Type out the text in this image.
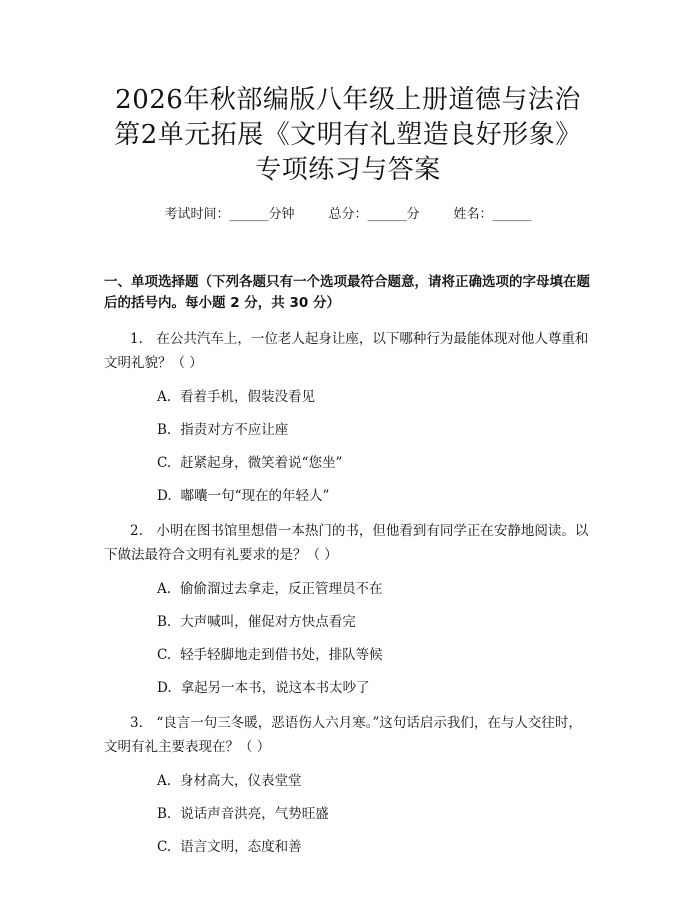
2026年秋部编版八年级上册道德与法治第2单元拓展《文明有礼塑造良好形象》专项练习与答案
考试时间：______分钟	总分：______分	姓名：______
一、单项选择题（下列各题只有一个选项最符合题意，请将正确选项的字母填在题后的括号内。每小题 2 分，共 30 分）

1.　在公共汽车上，一位老人起身让座，以下哪种行为最能体现对他人尊重和文明礼貌？（ ）

A. 看着手机，假装没看见
B. 指责对方不应让座
C. 赶紧起身，微笑着说“您坐”
D. 嘟囔一句“现在的年轻人”

2.　小明在图书馆里想借一本热门的书，但他看到有同学正在安静地阅读。以下做法最符合文明有礼要求的是？（ ）

A. 偷偷溜过去拿走，反正管理员不在
B. 大声喊叫，催促对方快点看完
C. 轻手轻脚地走到借书处，排队等候
D. 拿起另一本书，说这本书太吵了

3.　“良言一句三冬暖，恶语伤人六月寒。”这句话启示我们，在与人交往时，文明有礼主要表现在？（ ）

A. 身材高大，仪表堂堂
B. 说话声音洪亮，气势旺盛
C. 语言文明，态度和善
